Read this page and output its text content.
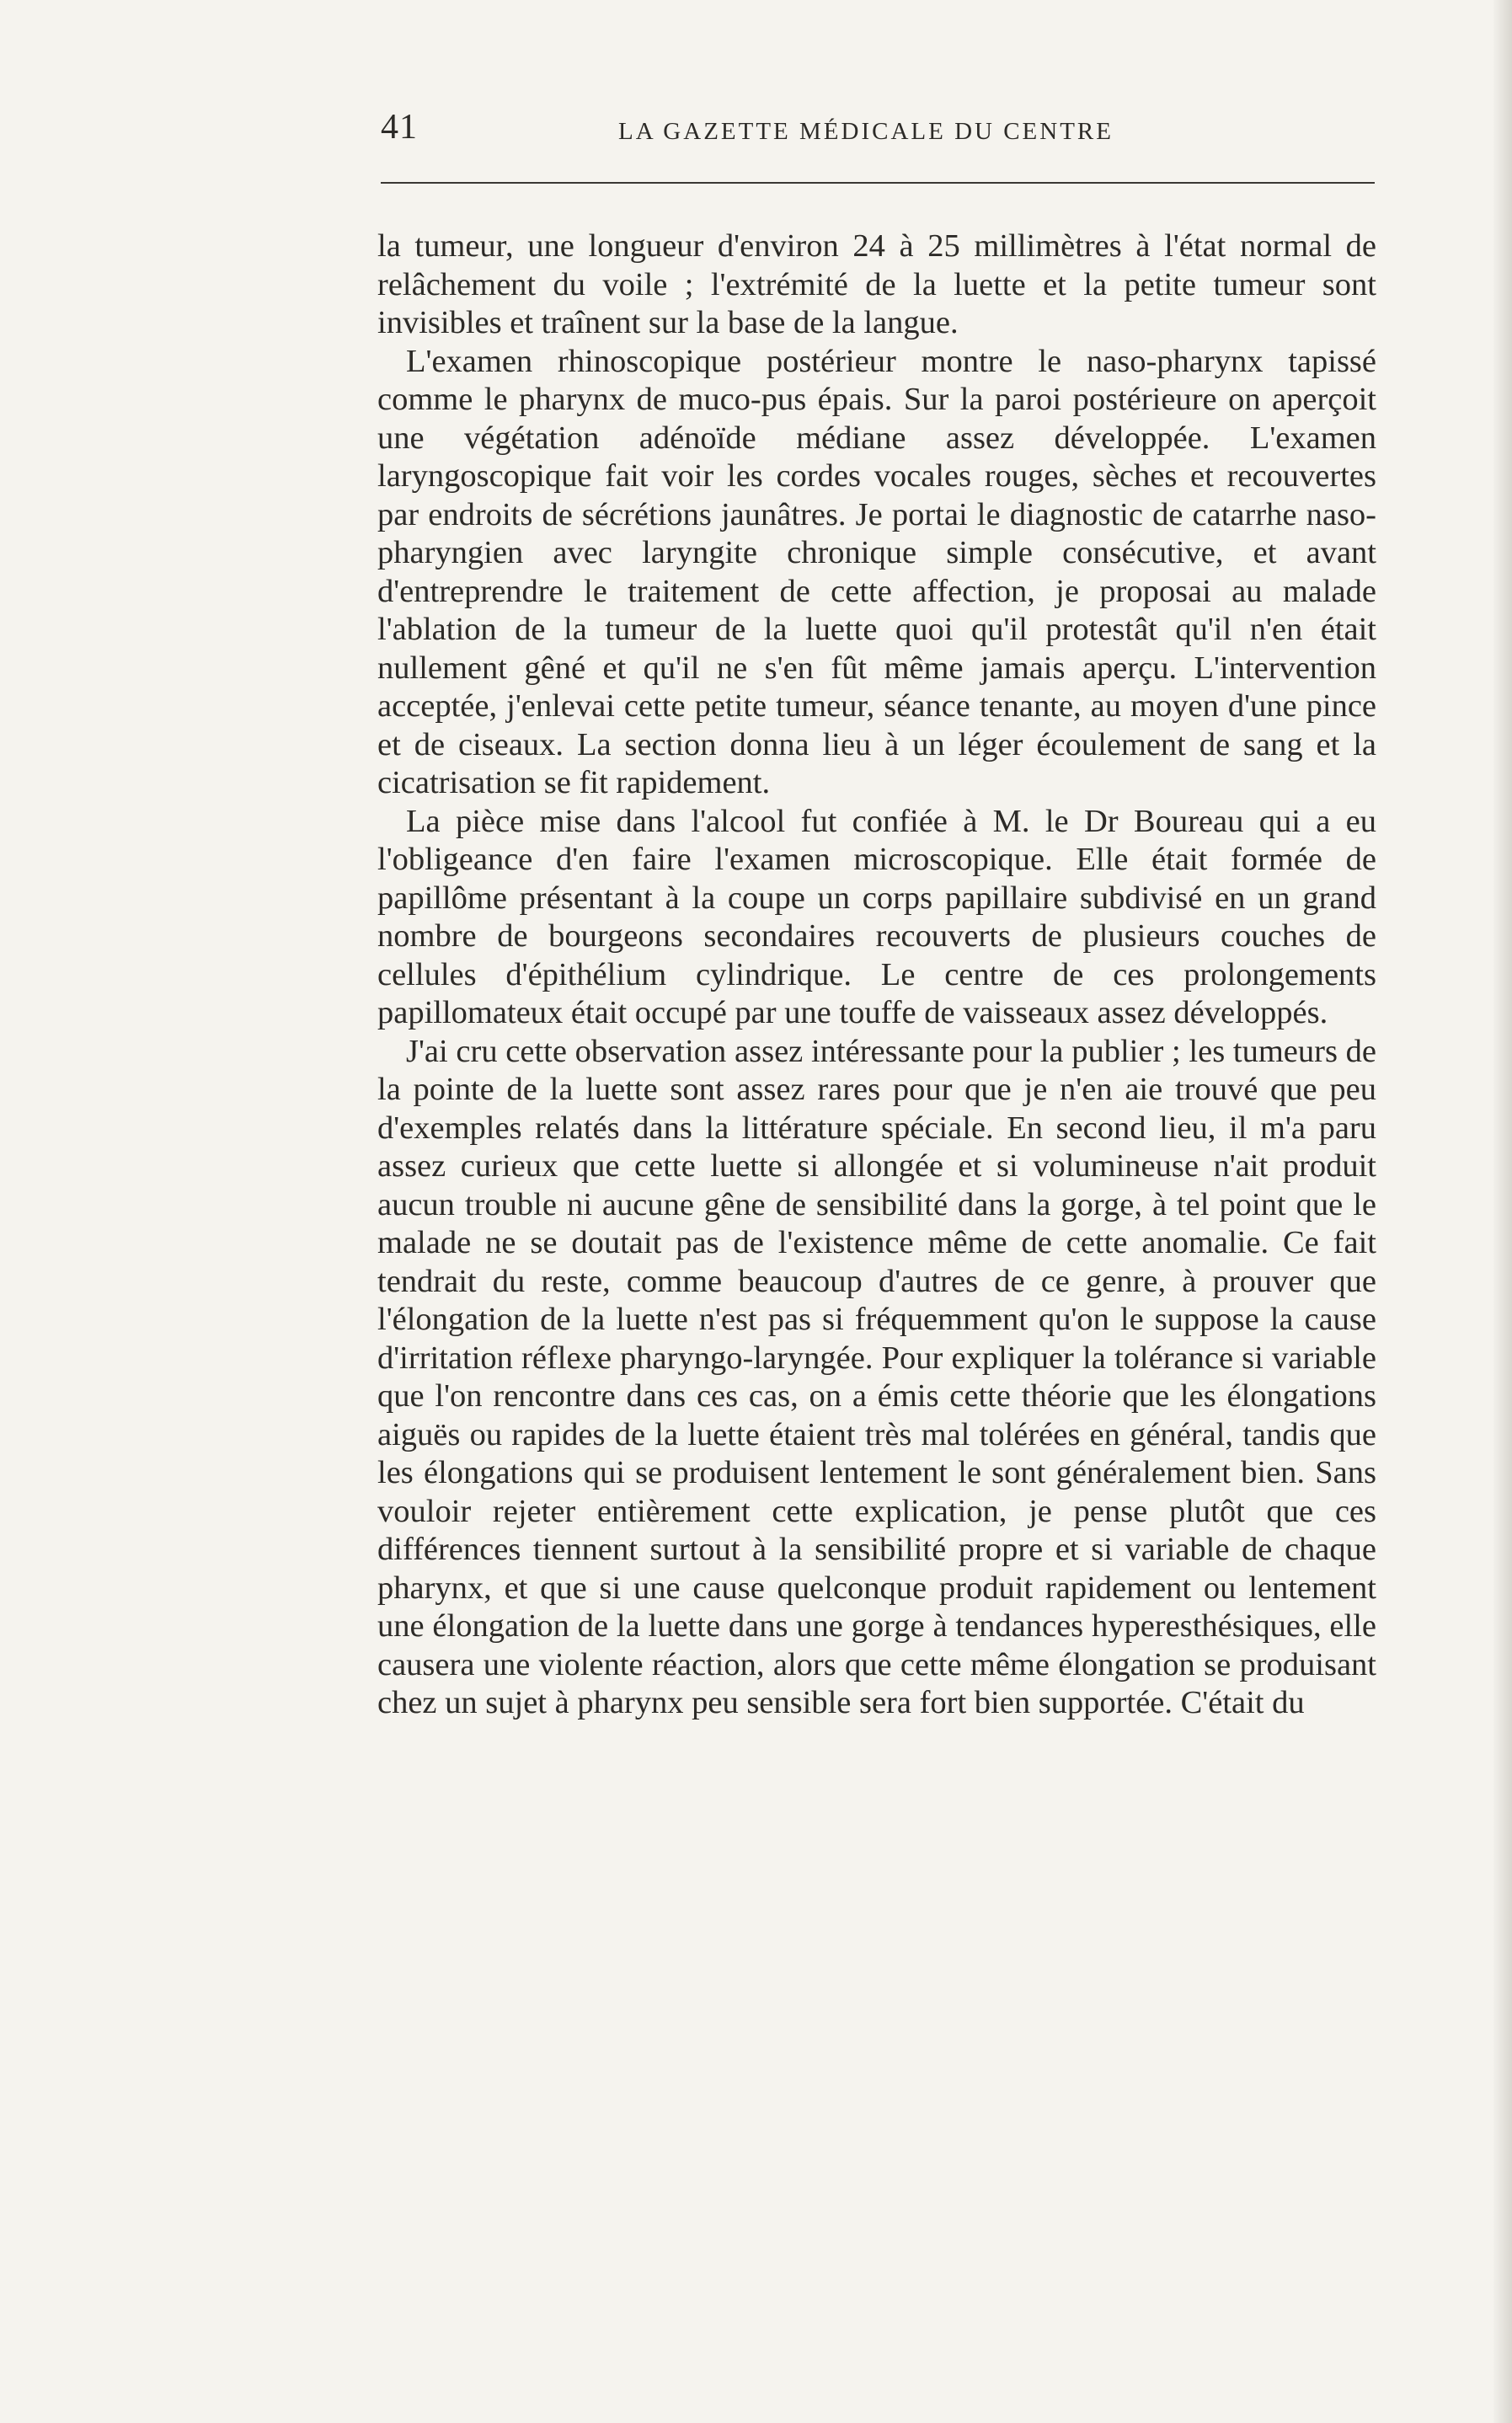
41	LA GAZETTE MÉDICALE DU CENTRE

la tumeur, une longueur d'environ 24 à 25 millimètres à l'état normal de relâchement du voile ; l'extrémité de la luette et la petite tumeur sont invisibles et traînent sur la base de la langue.

L'examen rhinoscopique postérieur montre le naso-pharynx tapissé comme le pharynx de muco-pus épais. Sur la paroi postérieure on aperçoit une végétation adénoïde médiane assez développée. L'examen laryngoscopique fait voir les cordes vocales rouges, sèches et recouvertes par endroits de sécrétions jaunâtres. Je portai le diagnostic de catarrhe naso-pharyngien avec laryngite chronique simple consécutive, et avant d'entreprendre le traitement de cette affection, je proposai au malade l'ablation de la tumeur de la luette quoi qu'il protestât qu'il n'en était nullement gêné et qu'il ne s'en fût même jamais aperçu. L'intervention acceptée, j'enlevai cette petite tumeur, séance tenante, au moyen d'une pince et de ciseaux. La section donna lieu à un léger écoulement de sang et la cicatrisation se fit rapidement.

La pièce mise dans l'alcool fut confiée à M. le Dr Boureau qui a eu l'obligeance d'en faire l'examen microscopique. Elle était formée de papillôme présentant à la coupe un corps papillaire subdivisé en un grand nombre de bourgeons secondaires recouverts de plusieurs couches de cellules d'épithélium cylindrique. Le centre de ces prolongements papillomateux était occupé par une touffe de vaisseaux assez développés.

J'ai cru cette observation assez intéressante pour la publier ; les tumeurs de la pointe de la luette sont assez rares pour que je n'en aie trouvé que peu d'exemples relatés dans la littérature spéciale. En second lieu, il m'a paru assez curieux que cette luette si allongée et si volumineuse n'ait produit aucun trouble ni aucune gêne de sensibilité dans la gorge, à tel point que le malade ne se doutait pas de l'existence même de cette anomalie. Ce fait tendrait du reste, comme beaucoup d'autres de ce genre, à prouver que l'élongation de la luette n'est pas si fréquemment qu'on le suppose la cause d'irritation réflexe pharyngo-laryngée. Pour expliquer la tolérance si variable que l'on rencontre dans ces cas, on a émis cette théorie que les élongations aiguës ou rapides de la luette étaient très mal tolérées en général, tandis que les élongations qui se produisent lentement le sont généralement bien. Sans vouloir rejeter entièrement cette explication, je pense plutôt que ces différences tiennent surtout à la sensibilité propre et si variable de chaque pharynx, et que si une cause quelconque produit rapidement ou lentement une élongation de la luette dans une gorge à tendances hyperesthésiques, elle causera une violente réaction, alors que cette même élongation se produisant chez un sujet à pharynx peu sensible sera fort bien supportée. C'était du
